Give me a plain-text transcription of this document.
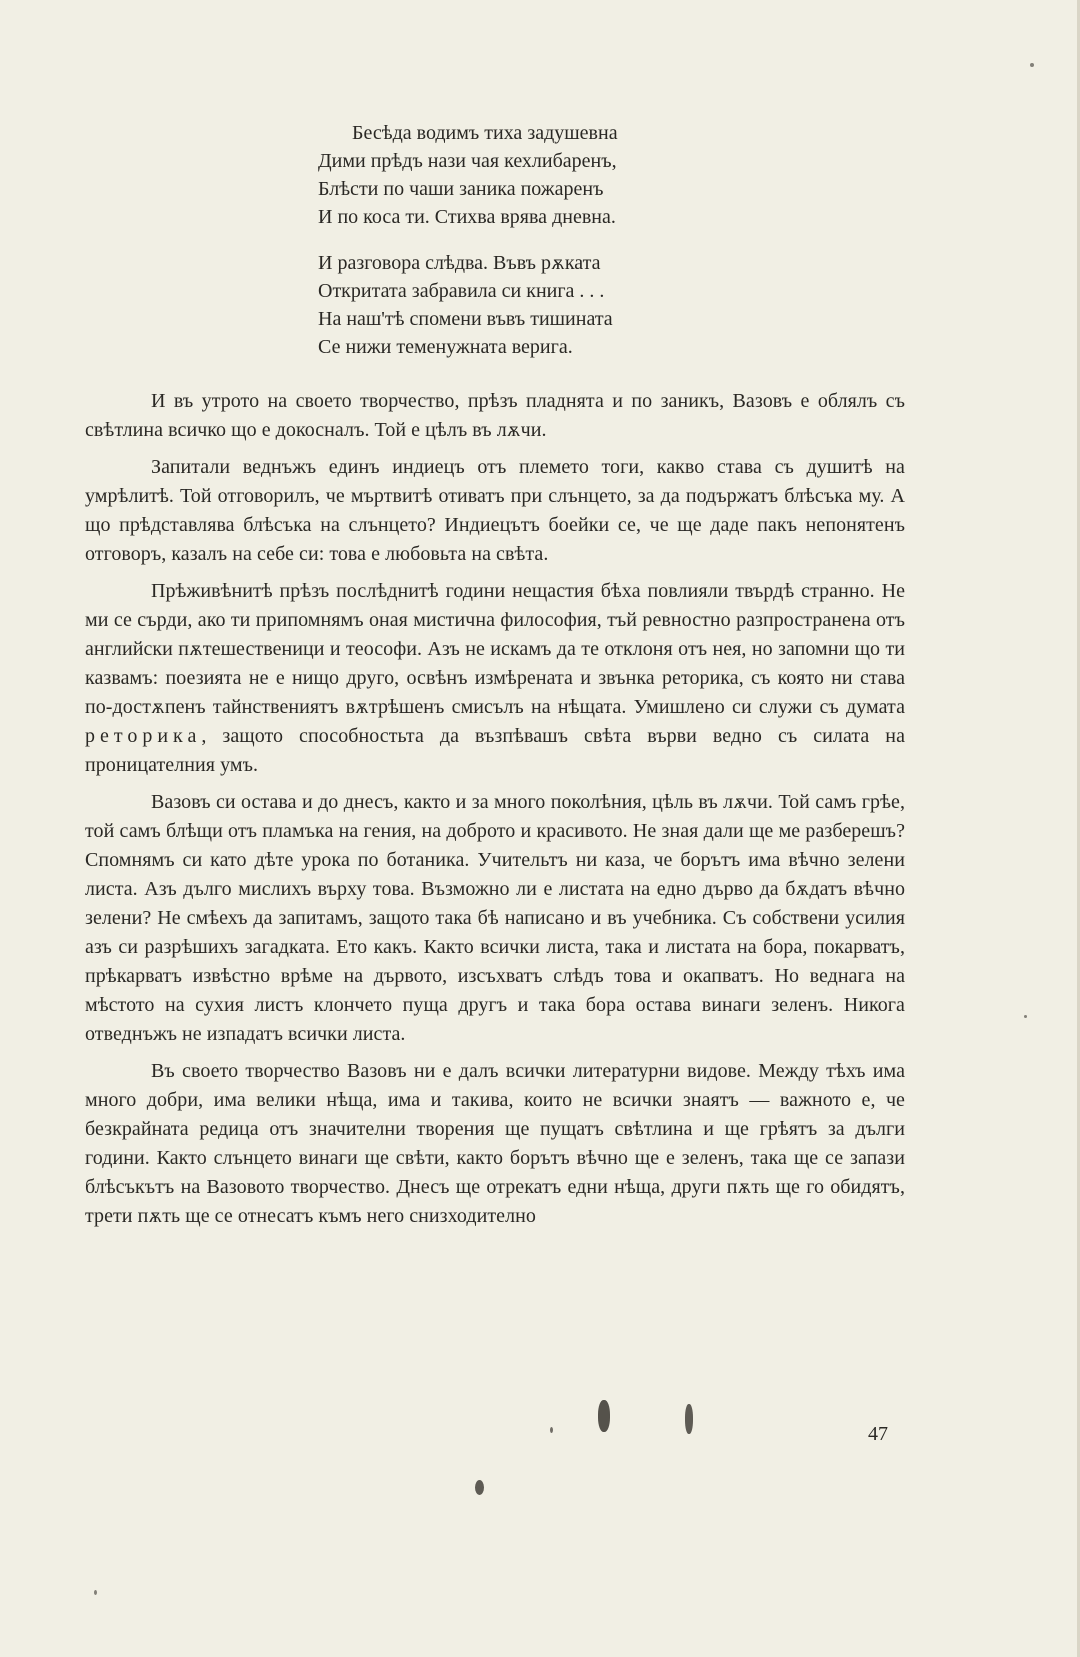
Бесѣда водимъ тиха задушевна
Дими прѣдъ нази чая кехлибаренъ,
Блѣсти по чаши заника пожаренъ
И по коса ти. Стихва врява дневна.
И разговора слѣдва. Въвъ рѫката
Откритата забравила си книга . . .
На наш'тѣ спомени въвъ тишината
Се нижи теменужната верига.

И въ утрото на своето творчество, прѣзъ пладнята и по заникъ, Вазовъ е облялъ съ свѣтлина всичко що е докосналъ. Той е цѣлъ въ лѫчи.

Запитали веднъжъ единъ индиецъ отъ племето тоги, какво става съ душитѣ на умрѣлитѣ. Той отговорилъ, че мъртвитѣ отиватъ при слънцето, за да подържатъ блѣсъка му. А що прѣдставлява блѣсъка на слънцето? Индиецътъ боейки се, че ще даде пакъ непонятенъ отговоръ, казалъ на себе си: това е любовьта на свѣта.

Прѣживѣнитѣ прѣзъ послѣднитѣ години нещастия бѣха повлияли твърдѣ странно. Не ми се сърди, ако ти припомнямъ оная мистична философия, тъй ревностно разпространена отъ английски пѫтешественици и теософи. Азъ не искамъ да те отклоня отъ нея, но запомни що ти казвамъ: поезията не е нищо друго, освѣнъ измѣрената и звънка реторика, съ която ни става по-достѫпенъ тайнствениятъ вѫтрѣшенъ смисълъ на нѣщата. Умишлено си служи съ думата реторика, защото способностьта да възпѣвашъ свѣта върви ведно съ силата на проницателния умъ.

Вазовъ си остава и до днесъ, както и за много поколѣния, цѣль въ лѫчи. Той самъ грѣе, той самъ блѣщи отъ пламъка на гения, на доброто и красивото. Не зная дали ще ме разберешъ? Спомнямъ си като дѣте урока по ботаника. Учительтъ ни каза, че борътъ има вѣчно зелени листа. Азъ дълго мислихъ върху това. Възможно ли е листата на едно дърво да бѫдатъ вѣчно зелени? Не смѣехъ да запитамъ, защото така бѣ написано и въ учебника. Съ собствени усилия азъ си разрѣшихъ загадката. Ето какъ. Както всички листа, така и листата на бора, покарватъ, прѣкарватъ извѣстно врѣме на дървото, изсъхватъ слѣдъ това и окапватъ. Но веднага на мѣстото на сухия листъ клончето пуща другъ и така бора остава винаги зеленъ. Никога отведнъжъ не изпадатъ всички листа.

Въ своето творчество Вазовъ ни е далъ всички литературни видове. Между тѣхъ има много добри, има велики нѣща, има и такива, които не всички знаятъ — важното е, че безкрайната редица отъ значителни творения ще пущатъ свѣтлина и ще грѣятъ за дълги години. Както слънцето винаги ще свѣти, както борътъ вѣчно ще е зеленъ, така ще се запази блѣсъкътъ на Вазовото творчество. Днесъ ще отрекатъ едни нѣща, други пѫть ще го обидятъ, трети пѫть ще се отнесатъ къмъ него снизходително

47
